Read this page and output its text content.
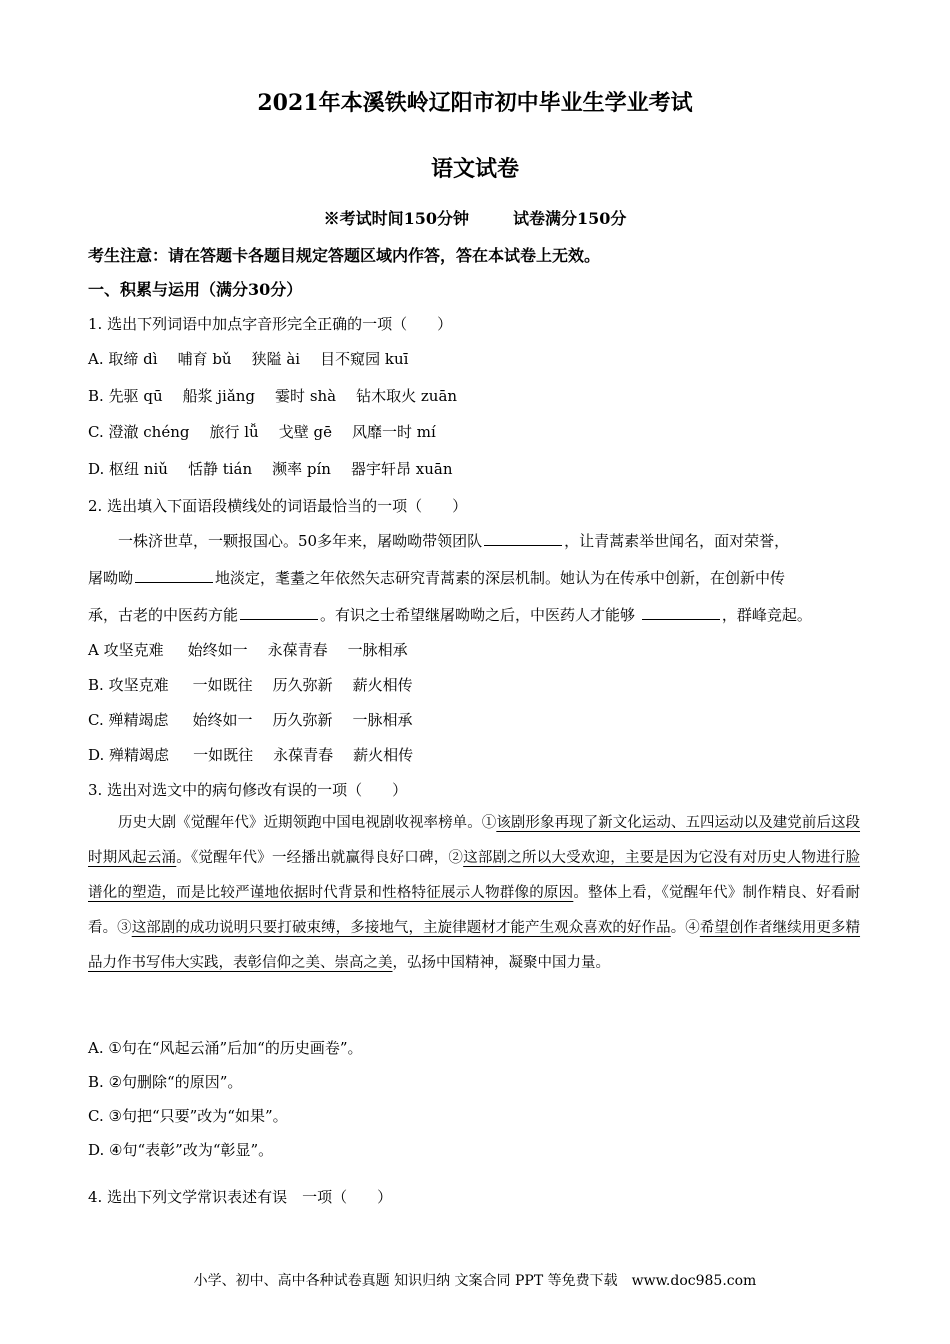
2021年本溪铁岭辽阳市初中毕业生学业考试
语文试卷
※考试时间150分钟	试卷满分150分
考生注意：请在答题卡各题目规定答题区域内作答，答在本试卷上无效。
一、积累与运用（满分30分）
1. 选出下列词语中加点字音形完全正确的一项（　　）
A. 取缔 dì 哺育 bǔ 狭隘 ài 目不窥园 kuī
B. 先驱 qū 船浆 jiǎng 霎时 shà 钻木取火 zuān
C. 澄澈 chéng 旅行 lǚ 戈壁 gē 风靡一时 mí
D. 枢纽 niǔ 恬静 tián 濒率 pín 器宇轩昂 xuān
2. 选出填入下面语段横线处的词语最恰当的一项（　　）
一株济世草，一颗报国心。50多年来，屠呦呦带领团队	，让青蒿素举世闻名，面对荣誉，
屠呦呦	地淡定，耄耋之年依然矢志研究青蒿素的深层机制。她认为在传承中创新，在创新中传
承，古老的中医药方能	。有识之士希望继屠呦呦之后，中医药人才能够	，群峰竞起。
A 攻坚克难 始终如一 永葆青春 一脉相承
B. 攻坚克难 一如既往 历久弥新 薪火相传
C. 殚精竭虑 始终如一 历久弥新 一脉相承
D. 殚精竭虑 一如既往 永葆青春 薪火相传
3. 选出对选文中的病句修改有误的一项（　　）

历史大剧《觉醒年代》近期领跑中国电视剧收视率榜单。①该剧形象再现了新文化运动、五四运动以及建党前后这段时期风起云涌。《觉醒年代》一经播出就赢得良好口碑，②这部剧之所以大受欢迎，主要是因为它没有对历史人物进行脸谱化的塑造，而是比较严谨地依据时代背景和性格特征展示人物群像的原因。整体上看，《觉醒年代》制作精良、好看耐看。③这部剧的成功说明只要打破束缚，多接地气，主旋律题材才能产生观众喜欢的好作品。④希望创作者继续用更多精品力作书写伟大实践，表彰信仰之美、崇高之美，弘扬中国精神，凝聚中国力量。

A. ①句在“风起云涌”后加“的历史画卷”。
B. ②句删除“的原因”。
C. ③句把“只要”改为“如果”。
D. ④句“表彰”改为“彰显”。
4. 选出下列文学常识表述有误　一项（　　）
小学、初中、高中各种试卷真题 知识归纳 文案合同 PPT 等免费下载　www.doc985.com
